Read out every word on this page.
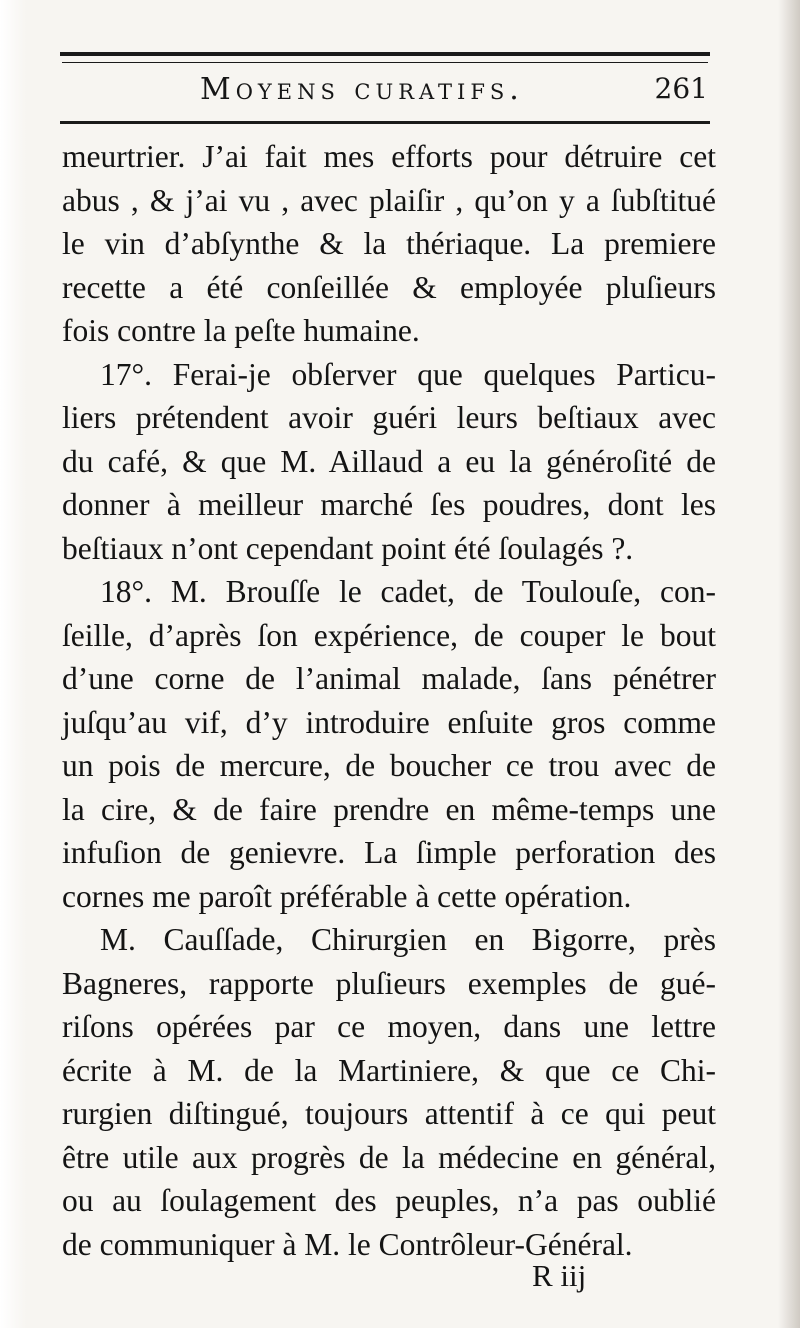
Moyens curatifs.	261
meurtrier. J’ai fait mes efforts pour détruire cet
abus , & j’ai vu , avec plaiſir , qu’on y a ſubſtitué
le vin d’abſynthe & la thériaque. La premiere
recette a été conſeillée & employée pluſieurs
fois contre la peſte humaine.
17°. Ferai-je obſerver que quelques Particu-
liers prétendent avoir guéri leurs beſtiaux avec
du café, & que M. Aillaud a eu la généroſité de
donner à meilleur marché ſes poudres, dont les
beſtiaux n’ont cependant point été ſoulagés ?.
18°. M. Brouſſe le cadet, de Toulouſe, con-
ſeille, d’après ſon expérience, de couper le bout
d’une corne de l’animal malade, ſans pénétrer
juſqu’au vif, d’y introduire enſuite gros comme
un pois de mercure, de boucher ce trou avec de
la cire, & de faire prendre en même-temps une
infuſion de genievre. La ſimple perforation des
cornes me paroît préférable à cette opération.
M. Cauſſade, Chirurgien en Bigorre, près
Bagneres, rapporte pluſieurs exemples de gué-
riſons opérées par ce moyen, dans une lettre
écrite à M. de la Martiniere, & que ce Chi-
rurgien diſtingué, toujours attentif à ce qui peut
être utile aux progrès de la médecine en général,
ou au ſoulagement des peuples, n’a pas oublié
de communiquer à M. le Contrôleur-Général.
R iij
